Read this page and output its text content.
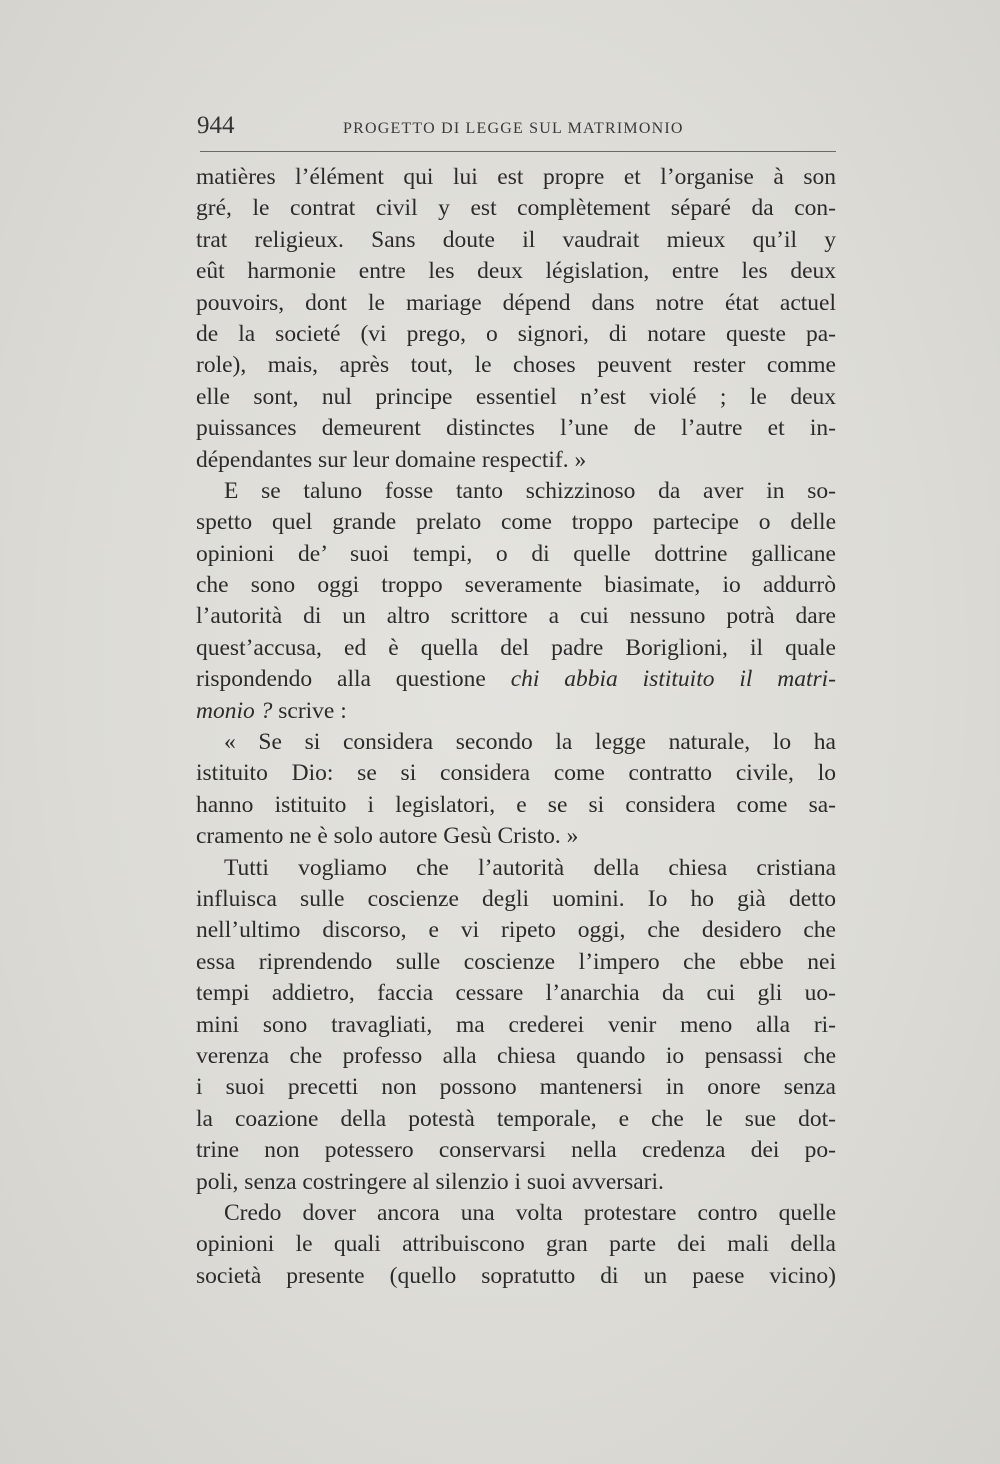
944	PROGETTO DI LEGGE SUL MATRIMONIO
matières l’élément qui lui est propre et l’organise à son
gré, le contrat civil y est complètement séparé da con-
trat religieux. Sans doute il vaudrait mieux qu’il y
eût harmonie entre les deux législation, entre les deux
pouvoirs, dont le mariage dépend dans notre état actuel
de la societé (vi prego, o signori, di notare queste pa-
role), mais, après tout, le choses peuvent rester comme
elle sont, nul principe essentiel n’est violé ; le deux
puissances demeurent distinctes l’une de l’autre et in-
dépendantes sur leur domaine respectif. »
E se taluno fosse tanto schizzinoso da aver in so-
spetto quel grande prelato come troppo partecipe o delle
opinioni de’ suoi tempi, o di quelle dottrine gallicane
che sono oggi troppo severamente biasimate, io addurrò
l’autorità di un altro scrittore a cui nessuno potrà dare
quest’accusa, ed è quella del padre Boriglioni, il quale
rispondendo alla questione chi abbia istituito il matri-
monio ? scrive :
« Se si considera secondo la legge naturale, lo ha
istituito Dio: se si considera come contratto civile, lo
hanno istituito i legislatori, e se si considera come sa-
cramento ne è solo autore Gesù Cristo. »
Tutti vogliamo che l’autorità della chiesa cristiana
influisca sulle coscienze degli uomini. Io ho già detto
nell’ultimo discorso, e vi ripeto oggi, che desidero che
essa riprendendo sulle coscienze l’impero che ebbe nei
tempi addietro, faccia cessare l’anarchia da cui gli uo-
mini sono travagliati, ma crederei venir meno alla ri-
verenza che professo alla chiesa quando io pensassi che
i suoi precetti non possono mantenersi in onore senza
la coazione della potestà temporale, e che le sue dot-
trine non potessero conservarsi nella credenza dei po-
poli, senza costringere al silenzio i suoi avversari.
Credo dover ancora una volta protestare contro quelle
opinioni le quali attribuiscono gran parte dei mali della
società presente (quello sopratutto di un paese vicino)
